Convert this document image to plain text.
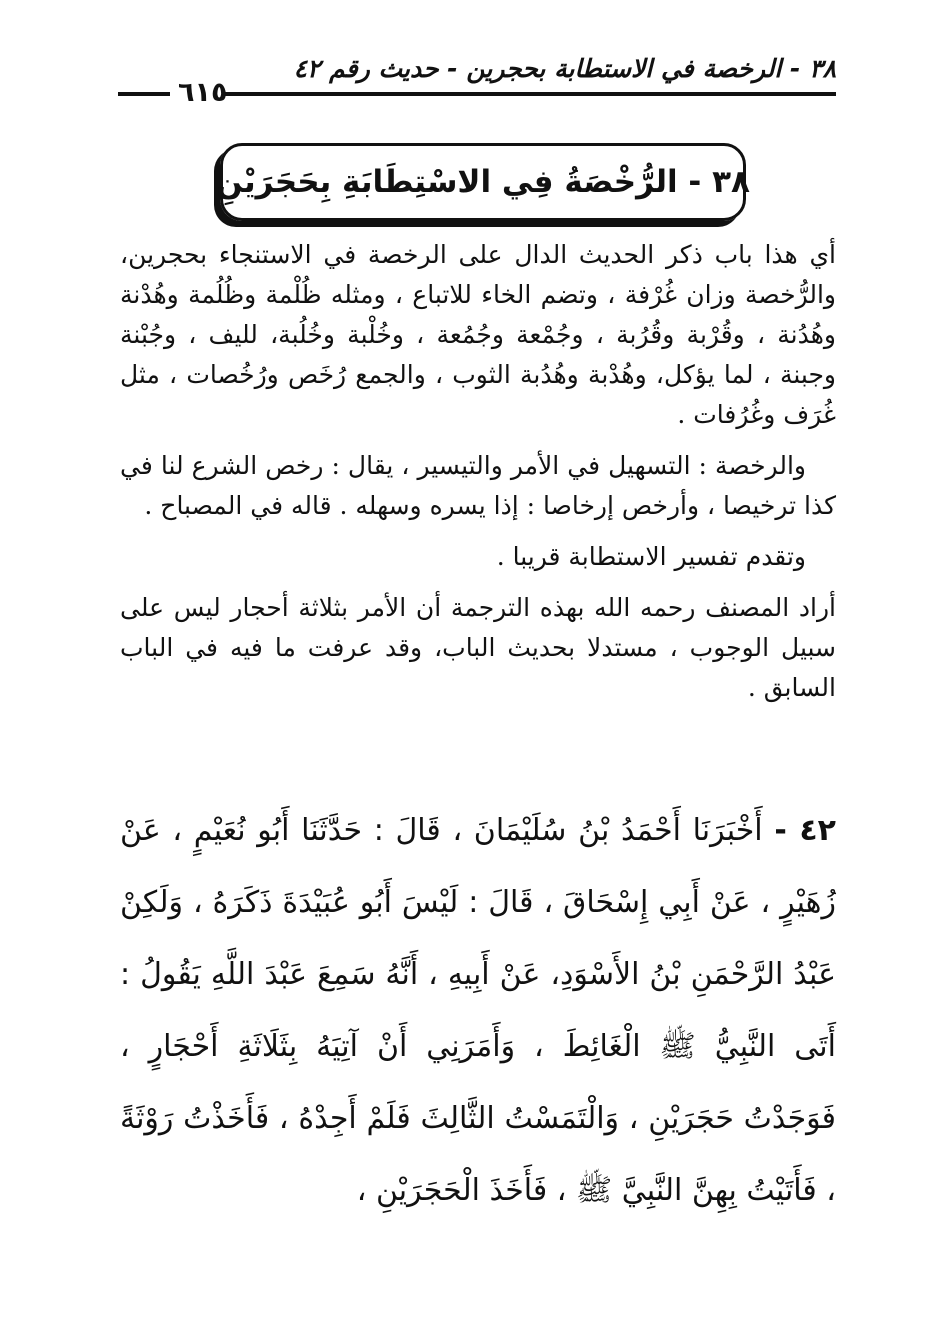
٣٨ - الرخصة في الاستطابة بحجرين - حديث رقم ٤٢
٦١٥
٣٨ - الرُّخْصَةُ فِي الاسْتِطَابَةِ بِحَجَرَيْنِ

أي هذا باب ذكر الحديث الدال على الرخصة في الاستنجاء بحجرين، والرُّخصة وزان غُرْفة ، وتضم الخاء للاتباع ، ومثله ظُلْمة وظُلُمة وهُدْنة وهُدُنة ، وقُرْبة وقُرُبة ، وجُمْعة وجُمُعة ، وخُلْبة وخُلُبة، لليف ، وجُبْنة وجبنة ، لما يؤكل، وهُدْبة وهُدُبة الثوب ، والجمع رُخَص ورُخُصات ، مثل غُرَف وغُرُفات .

والرخصة : التسهيل في الأمر والتيسير ، يقال : رخص الشرع لنا في كذا ترخيصا ، وأرخص إرخاصا : إذا يسره وسهله . قاله في المصباح .

وتقدم تفسير الاستطابة قريبا .

أراد المصنف رحمه الله بهذه الترجمة أن الأمر بثلاثة أحجار ليس على سبيل الوجوب ، مستدلا بحديث الباب، وقد عرفت ما فيه في الباب السابق .

٤٢ - أَخْبَرَنَا أَحْمَدُ بْنُ سُلَيْمَانَ ، قَالَ : حَدَّثَنَا أَبُو نُعَيْمٍ ، عَنْ زُهَيْرٍ ، عَنْ أَبِي إِسْحَاقَ ، قَالَ : لَيْسَ أَبُو عُبَيْدَةَ ذَكَرَهُ ، وَلَكِنْ عَبْدُ الرَّحْمَنِ بْنُ الأَسْوَدِ، عَنْ أَبِيهِ ، أَنَّهُ سَمِعَ عَبْدَ اللَّهِ يَقُولُ : أَتَى النَّبِيُّ ﷺ الْغَائِطَ ، وَأَمَرَنِي أَنْ آتِيَهُ بِثَلَاثَةِ أَحْجَارٍ ، فَوَجَدْتُ حَجَرَيْنِ ، وَالْتَمَسْتُ الثَّالِثَ فَلَمْ أَجِدْهُ ، فَأَخَذْتُ رَوْثَةً ، فَأَتَيْتُ بِهِنَّ النَّبِيَّ ﷺ ، فَأَخَذَ الْحَجَرَيْنِ ،
